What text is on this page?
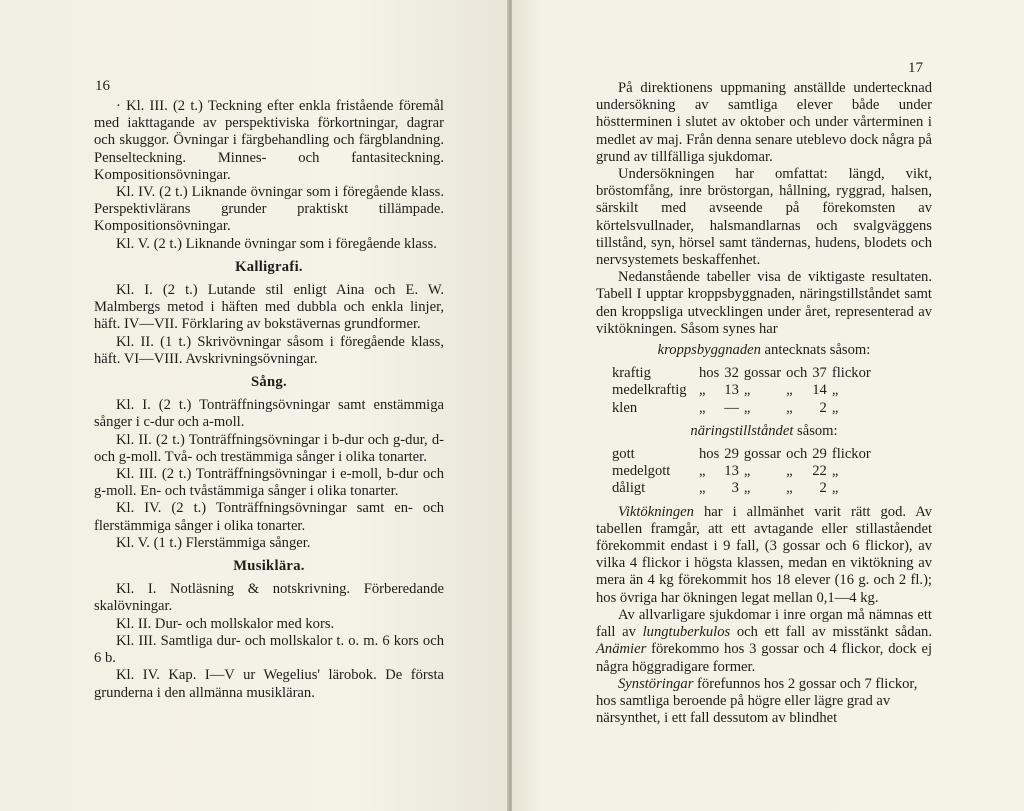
16

· Kl. III. (2 t.) Teckning efter enkla fristående föremål med iakttagande av perspektiviska förkortningar, dagrar och skuggor. Övningar i färgbehandling och färgblandning. Penselteckning. Minnes- och fantasiteckning. Kompositionsövningar.

Kl. IV. (2 t.) Liknande övningar som i föregående klass. Perspektivlärans grunder praktiskt tillämpade. Kompositionsövningar.

Kl. V. (2 t.) Liknande övningar som i föregående klass.

Kalligrafi.

Kl. I. (2 t.) Lutande stil enligt Aina och E. W. Malmbergs metod i häften med dubbla och enkla linjer, häft. IV—VII. Förklaring av bokstävernas grundformer.

Kl. II. (1 t.) Skrivövningar såsom i föregående klass, häft. VI—VIII. Avskrivningsövningar.

Sång.

Kl. I. (2 t.) Tonträffningsövningar samt enstämmiga sånger i c-dur och a-moll.

Kl. II. (2 t.) Tonträffningsövningar i b-dur och g-dur, d- och g-moll. Två- och trestämmiga sånger i olika tonarter.

Kl. III. (2 t.) Tonträffningsövningar i e-moll, b-dur och g-moll. En- och tvåstämmiga sånger i olika tonarter.

Kl. IV. (2 t.) Tonträffningsövningar samt en- och flerstämmiga sånger i olika tonarter.

Kl. V. (1 t.) Flerstämmiga sånger.

Musiklära.

Kl. I. Notläsning & notskrivning. Förberedande skalövningar.

Kl. II. Dur- och mollskalor med kors.

Kl. III. Samtliga dur- och mollskalor t. o. m. 6 kors och 6 b.

Kl. IV. Kap. I—V ur Wegelius' lärobok. De första grunderna i den allmänna musikläran.

17

På direktionens uppmaning anställde undertecknad undersökning av samtliga elever både under höstterminen i slutet av oktober och under vårterminen i medlet av maj. Från denna senare uteblevo dock några på grund av tillfälliga sjukdomar.

Undersökningen har omfattat: längd, vikt, bröstomfång, inre bröstorgan, hållning, ryggrad, halsen, särskilt med avseende på förekomsten av körtelsvullnader, halsmandlarnas och svalgväggens tillstånd, syn, hörsel samt tändernas, hudens, blodets och nervsystemets beskaffenhet.

Nedanstående tabeller visa de viktigaste resultaten. Tabell I upptar kroppsbyggnaden, näringstillståndet samt den kroppsliga utvecklingen under året, representerad av viktökningen. Såsom synes har

kroppsbyggnaden antecknats såsom:
kraftig	hos	32	gossar	och	37	flickor
medelkraftig	„	13	„	„	14	„
klen	„	—	„	„	2	„
näringstillståndet såsom:
gott	hos	29	gossar	och	29	flickor
medelgott	„	13	„	„	22	„
dåligt	„	3	„	„	2	„

Viktökningen har i allmänhet varit rätt god. Av tabellen framgår, att ett avtagande eller stillaståendet förekommit endast i 9 fall, (3 gossar och 6 flickor), av vilka 4 flickor i högsta klassen, medan en viktökning av mera än 4 kg förekommit hos 18 elever (16 g. och 2 fl.); hos övriga har ökningen legat mellan 0,1—4 kg.

Av allvarligare sjukdomar i inre organ må nämnas ett fall av lungtuberkulos och ett fall av misstänkt sådan. Anämier förekommo hos 3 gossar och 4 flickor, dock ej några höggradigare former.

Synstöringar förefunnos hos 2 gossar och 7 flickor, hos samtliga beroende på högre eller lägre grad av närsynthet, i ett fall dessutom av blindhet
